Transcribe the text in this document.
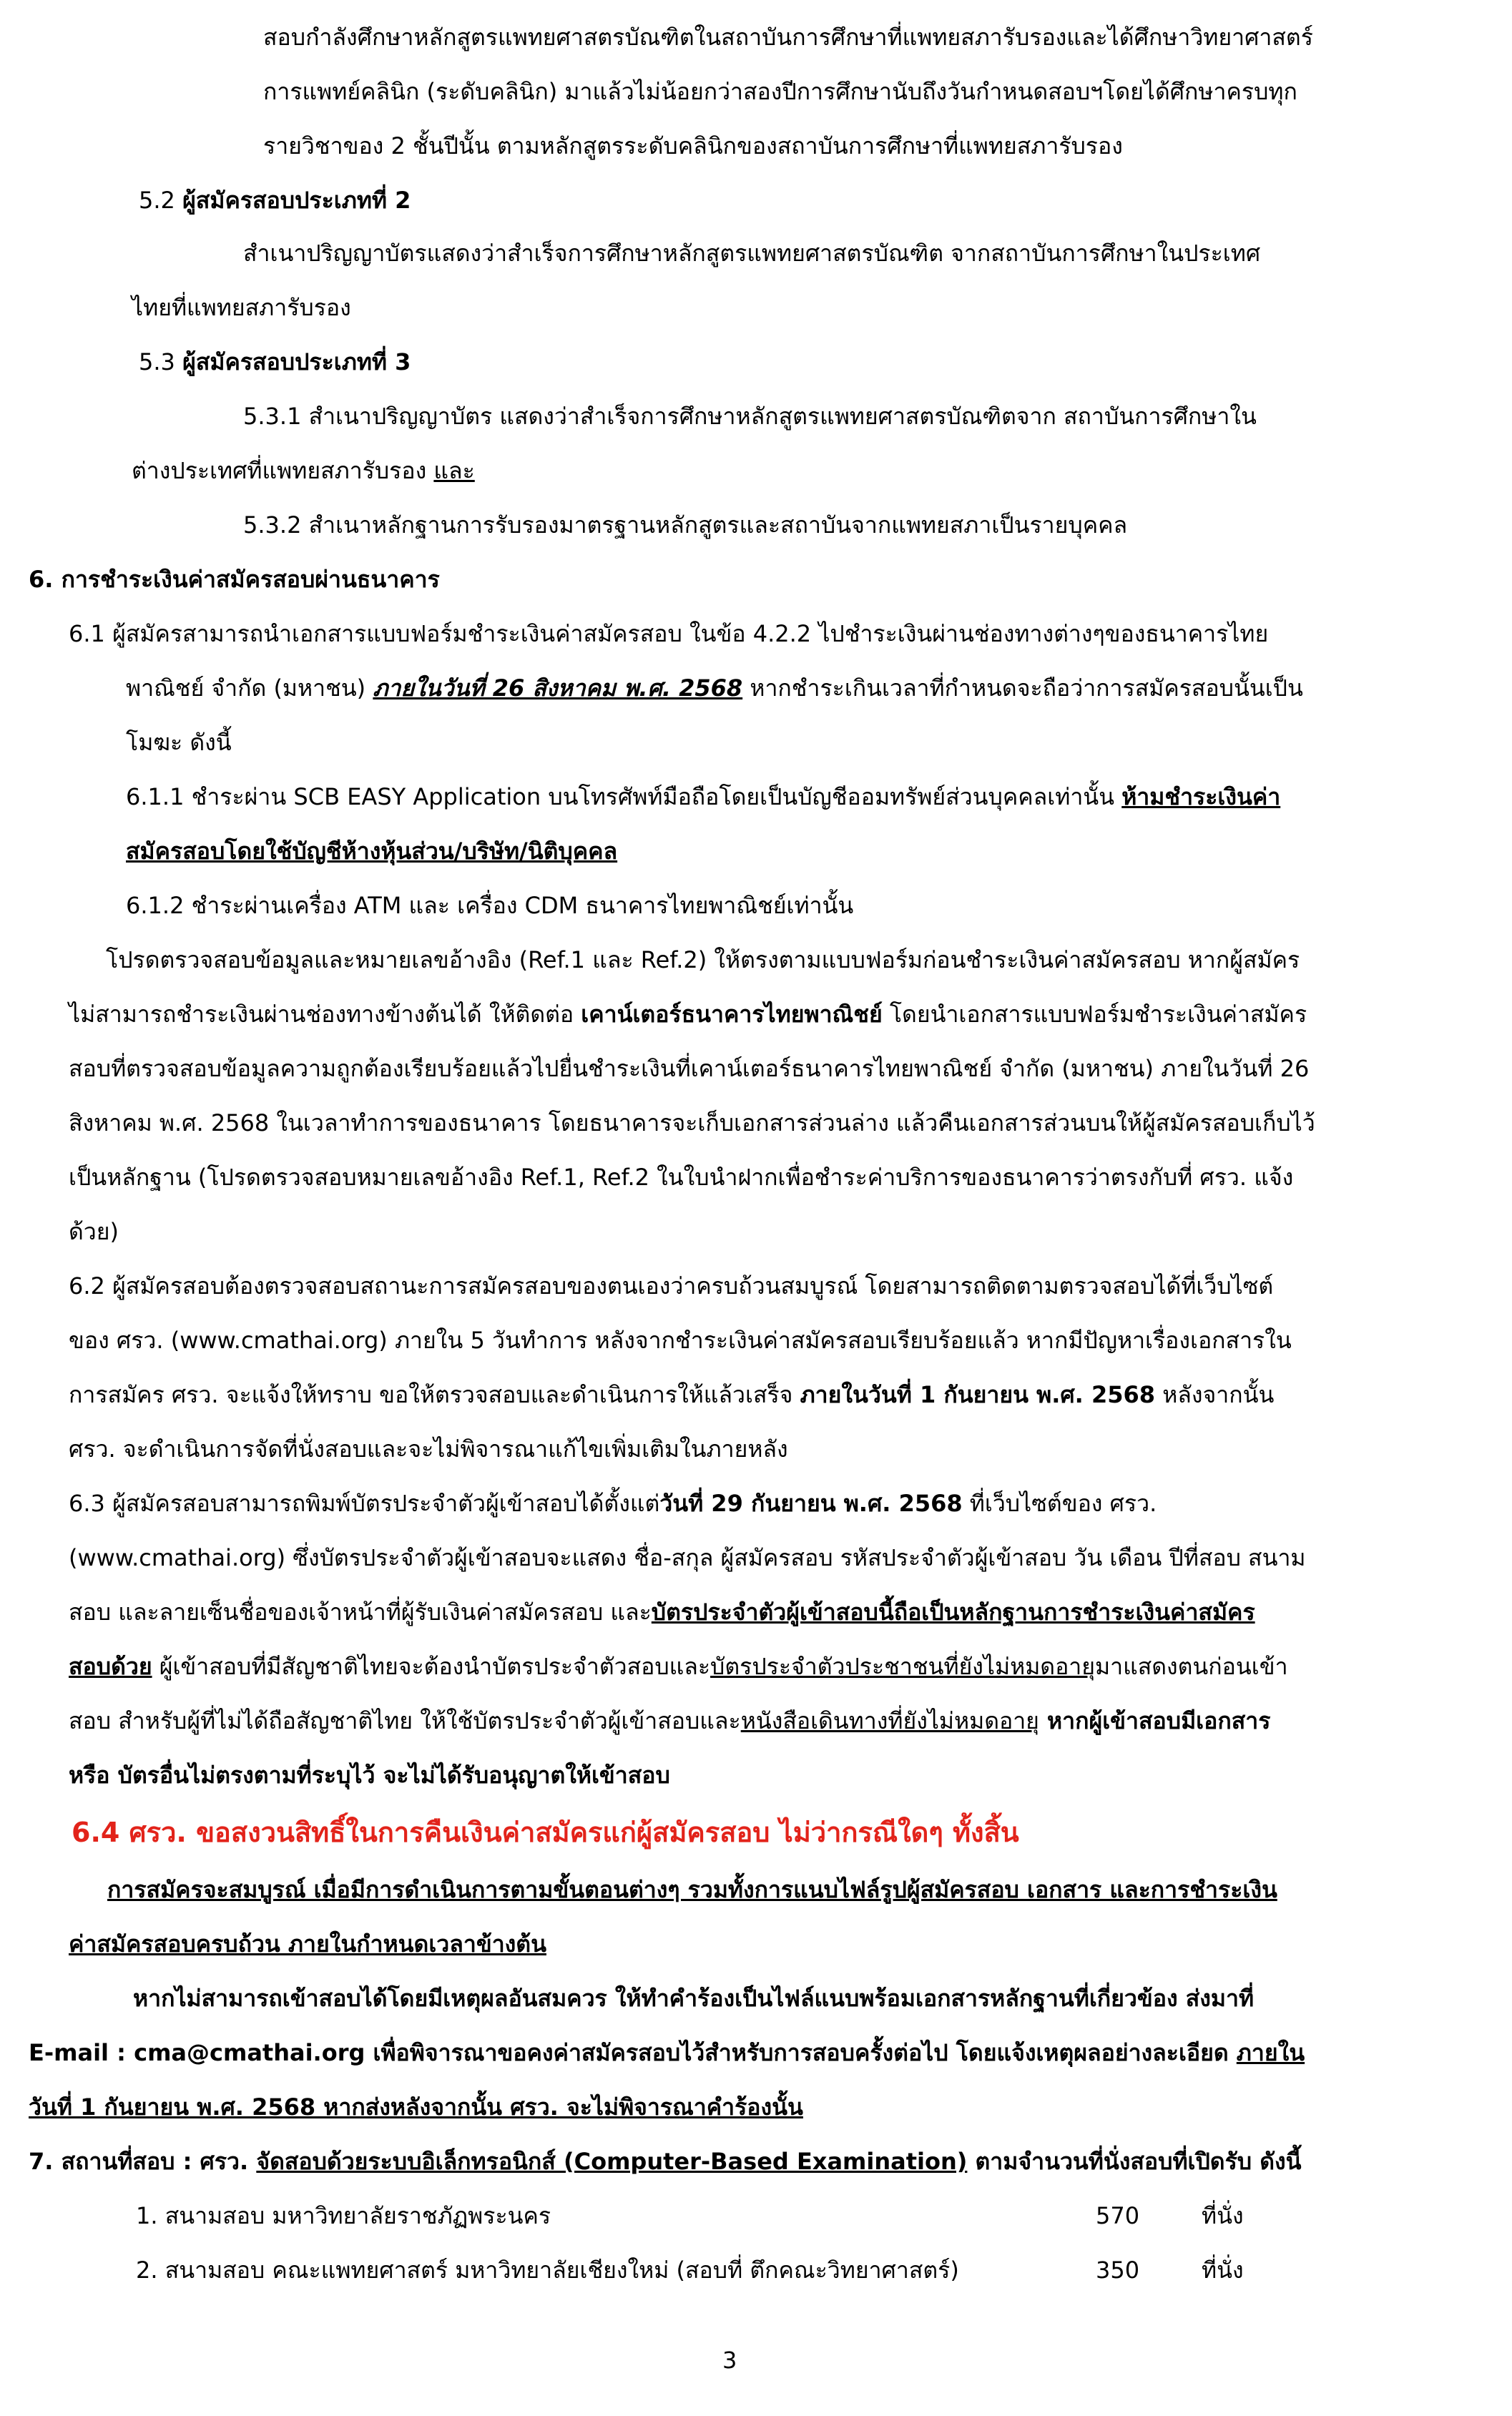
สอบกำลังศึกษาหลักสูตรแพทยศาสตรบัณฑิตในสถาบันการศึกษาที่แพทยสภารับรองและได้ศึกษาวิทยาศาสตร์
การแพทย์คลินิก (ระดับคลินิก) มาแล้วไม่น้อยกว่าสองปีการศึกษานับถึงวันกำหนดสอบฯโดยได้ศึกษาครบทุก
รายวิชาของ 2 ชั้นปีนั้น ตามหลักสูตรระดับคลินิกของสถาบันการศึกษาที่แพทยสภารับรอง
5.2 ผู้สมัครสอบประเภทที่ 2
สำเนาปริญญาบัตรแสดงว่าสำเร็จการศึกษาหลักสูตรแพทยศาสตรบัณฑิต จากสถาบันการศึกษาในประเทศ
ไทยที่แพทยสภารับรอง
5.3 ผู้สมัครสอบประเภทที่ 3
5.3.1 สำเนาปริญญาบัตร แสดงว่าสำเร็จการศึกษาหลักสูตรแพทยศาสตรบัณฑิตจาก สถาบันการศึกษาใน
ต่างประเทศที่แพทยสภารับรอง และ
5.3.2 สำเนาหลักฐานการรับรองมาตรฐานหลักสูตรและสถาบันจากแพทยสภาเป็นรายบุคคล
6. การชำระเงินค่าสมัครสอบผ่านธนาคาร
6.1 ผู้สมัครสามารถนำเอกสารแบบฟอร์มชำระเงินค่าสมัครสอบ ในข้อ 4.2.2 ไปชำระเงินผ่านช่องทางต่างๆของธนาคารไทย
พาณิชย์ จำกัด (มหาชน) ภายในวันที่ 26 สิงหาคม พ.ศ. 2568 หากชำระเกินเวลาที่กำหนดจะถือว่าการสมัครสอบนั้นเป็น
โมฆะ ดังนี้
6.1.1 ชำระผ่าน SCB EASY Application บนโทรศัพท์มือถือโดยเป็นบัญชีออมทรัพย์ส่วนบุคคลเท่านั้น ห้ามชำระเงินค่า
สมัครสอบโดยใช้บัญชีห้างหุ้นส่วน/บริษัท/นิติบุคคล
6.1.2 ชำระผ่านเครื่อง ATM และ เครื่อง CDM ธนาคารไทยพาณิชย์เท่านั้น
โปรดตรวจสอบข้อมูลและหมายเลขอ้างอิง (Ref.1 และ Ref.2) ให้ตรงตามแบบฟอร์มก่อนชำระเงินค่าสมัครสอบ หากผู้สมัคร
ไม่สามารถชำระเงินผ่านช่องทางข้างต้นได้ ให้ติดต่อ เคาน์เตอร์ธนาคารไทยพาณิชย์ โดยนำเอกสารแบบฟอร์มชำระเงินค่าสมัคร
สอบที่ตรวจสอบข้อมูลความถูกต้องเรียบร้อยแล้วไปยื่นชำระเงินที่เคาน์เตอร์ธนาคารไทยพาณิชย์ จำกัด (มหาชน) ภายในวันที่ 26
สิงหาคม พ.ศ. 2568 ในเวลาทำการของธนาคาร โดยธนาคารจะเก็บเอกสารส่วนล่าง แล้วคืนเอกสารส่วนบนให้ผู้สมัครสอบเก็บไว้
เป็นหลักฐาน (โปรดตรวจสอบหมายเลขอ้างอิง Ref.1, Ref.2 ในใบนำฝากเพื่อชำระค่าบริการของธนาคารว่าตรงกับที่ ศรว. แจ้ง
ด้วย)
6.2 ผู้สมัครสอบต้องตรวจสอบสถานะการสมัครสอบของตนเองว่าครบถ้วนสมบูรณ์ โดยสามารถติดตามตรวจสอบได้ที่เว็บไซต์
ของ ศรว. (www.cmathai.org) ภายใน 5 วันทำการ หลังจากชำระเงินค่าสมัครสอบเรียบร้อยแล้ว หากมีปัญหาเรื่องเอกสารใน
การสมัคร ศรว. จะแจ้งให้ทราบ ขอให้ตรวจสอบและดำเนินการให้แล้วเสร็จ ภายในวันที่ 1 กันยายน พ.ศ. 2568 หลังจากนั้น
ศรว. จะดำเนินการจัดที่นั่งสอบและจะไม่พิจารณาแก้ไขเพิ่มเติมในภายหลัง
6.3 ผู้สมัครสอบสามารถพิมพ์บัตรประจำตัวผู้เข้าสอบได้ตั้งแต่วันที่ 29 กันยายน พ.ศ. 2568 ที่เว็บไซต์ของ ศรว.
(www.cmathai.org) ซึ่งบัตรประจำตัวผู้เข้าสอบจะแสดง ชื่อ-สกุล ผู้สมัครสอบ รหัสประจำตัวผู้เข้าสอบ วัน เดือน ปีที่สอบ สนาม
สอบ และลายเซ็นชื่อของเจ้าหน้าที่ผู้รับเงินค่าสมัครสอบ และบัตรประจำตัวผู้เข้าสอบนี้ถือเป็นหลักฐานการชำระเงินค่าสมัคร
สอบด้วย ผู้เข้าสอบที่มีสัญชาติไทยจะต้องนำบัตรประจำตัวสอบและบัตรประจำตัวประชาชนที่ยังไม่หมดอายุมาแสดงตนก่อนเข้า
สอบ สำหรับผู้ที่ไม่ได้ถือสัญชาติไทย ให้ใช้บัตรประจำตัวผู้เข้าสอบและหนังสือเดินทางที่ยังไม่หมดอายุ หากผู้เข้าสอบมีเอกสาร
หรือ บัตรอื่นไม่ตรงตามที่ระบุไว้ จะไม่ได้รับอนุญาตให้เข้าสอบ
6.4 ศรว. ขอสงวนสิทธิ์ในการคืนเงินค่าสมัครแก่ผู้สมัครสอบ ไม่ว่ากรณีใดๆ ทั้งสิ้น
การสมัครจะสมบูรณ์ เมื่อมีการดำเนินการตามขั้นตอนต่างๆ รวมทั้งการแนบไฟล์รูปผู้สมัครสอบ เอกสาร และการชำระเงิน
ค่าสมัครสอบครบถ้วน ภายในกำหนดเวลาข้างต้น
หากไม่สามารถเข้าสอบได้โดยมีเหตุผลอันสมควร ให้ทำคำร้องเป็นไฟล์แนบพร้อมเอกสารหลักฐานที่เกี่ยวข้อง ส่งมาที่
E-mail : cma@cmathai.org เพื่อพิจารณาขอคงค่าสมัครสอบไว้สำหรับการสอบครั้งต่อไป โดยแจ้งเหตุผลอย่างละเอียด ภายใน
วันที่ 1 กันยายน พ.ศ. 2568 หากส่งหลังจากนั้น ศรว. จะไม่พิจารณาคำร้องนั้น
7. สถานที่สอบ : ศรว. จัดสอบด้วยระบบอิเล็กทรอนิกส์ (Computer-Based Examination) ตามจำนวนที่นั่งสอบที่เปิดรับ ดังนี้
1. สนามสอบ มหาวิทยาลัยราชภัฏพระนคร	570	ที่นั่ง
2. สนามสอบ คณะแพทยศาสตร์ มหาวิทยาลัยเชียงใหม่ (สอบที่ ตึกคณะวิทยาศาสตร์)	350	ที่นั่ง
3
